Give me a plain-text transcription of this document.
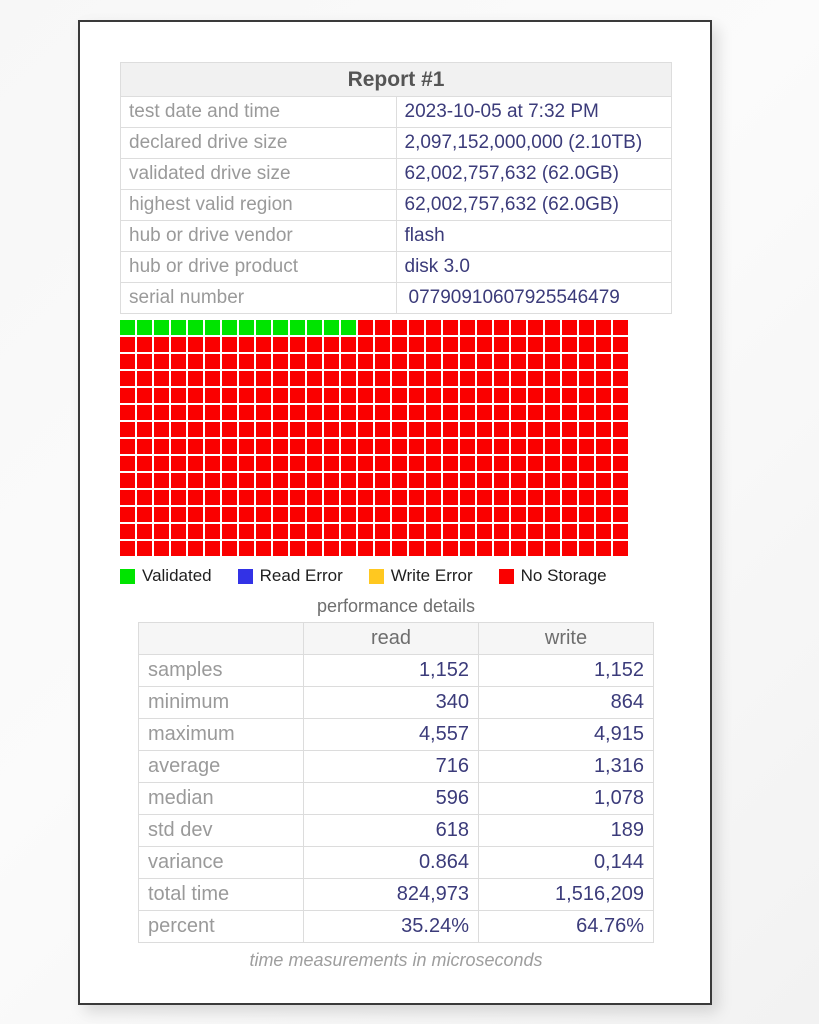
Report #1	
test date and time	2023-10-05 at 7:32 PM
declared drive size	2,097,152,000,000 (2.10TB)
validated drive size	62,002,757,632 (62.0GB)
highest valid region	62,002,757,632 (62.0GB)
hub or drive vendor	flash
hub or drive product	disk 3.0
serial number	07790910607925546479
Validated	Read Error	Write Error	No Storage
performance details
	read	write
samples	1,152	1,152
minimum	340	864
maximum	4,557	4,915
average	716	1,316
median	596	1,078
std dev	618	189
variance	0.864	0,144
total time	824,973	1,516,209
percent	35.24%	64.76%
time measurements in microseconds
